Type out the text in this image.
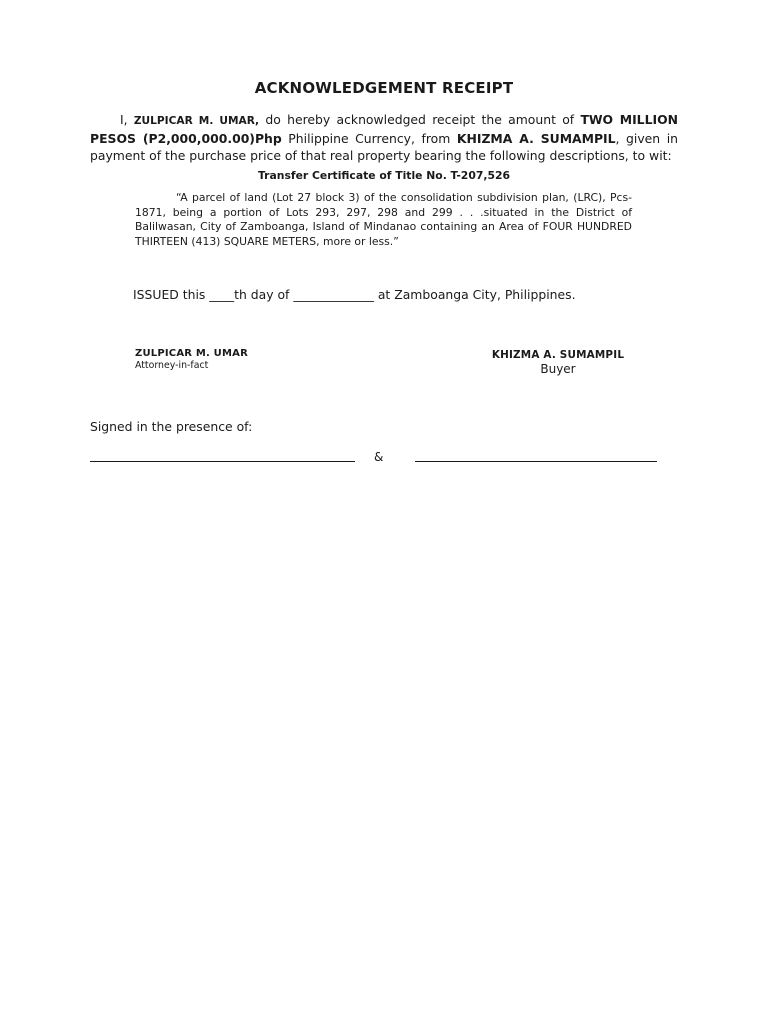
ACKNOWLEDGEMENT RECEIPT
I, ZULPICAR M. UMAR, do hereby acknowledged receipt the amount of TWO MILLION PESOS (P2,000,000.00)Php Philippine Currency, from KHIZMA A. SUMAMPIL, given in payment of the purchase price of that real property bearing the following descriptions, to wit:
Transfer Certificate of Title No. T-207,526
“A parcel of land (Lot 27 block 3) of the consolidation subdivision plan, (LRC), Pcs-1871, being a portion of Lots 293, 297, 298 and 299 . . .situated in the District of Balilwasan, City of Zamboanga, Island of Mindanao containing an Area of FOUR HUNDRED THIRTEEN (413) SQUARE METERS, more or less.”
ISSUED this ____th day of _____________ at Zamboanga City, Philippines.
ZULPICAR M. UMAR
Attorney-in-fact
KHIZMA A. SUMAMPIL
Buyer
Signed in the presence of:
&
